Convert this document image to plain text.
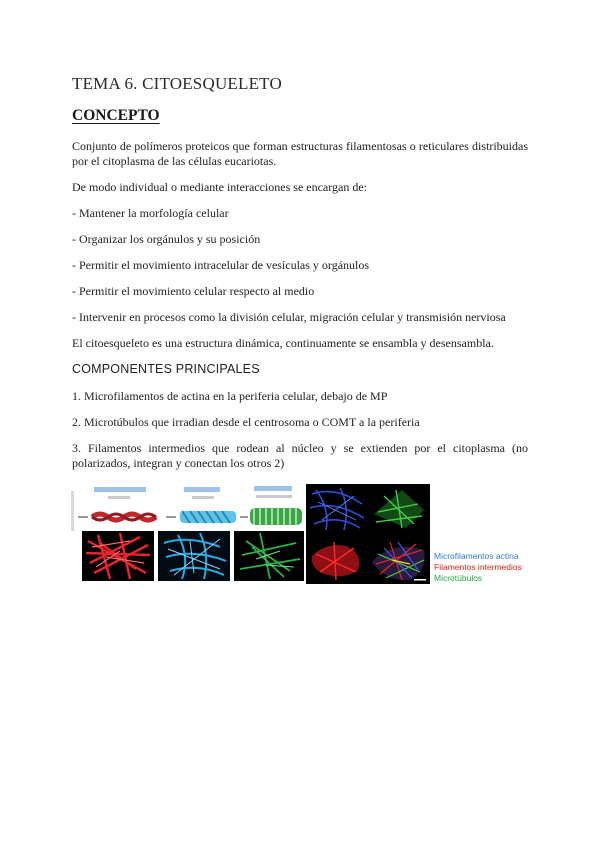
TEMA 6. CITOESQUELETO
CONCEPTO
Conjunto de polímeros proteicos que forman estructuras filamentosas o reticulares distribuidas por el citoplasma de las células eucariotas.
De modo individual o mediante interacciones se encargan de:
- Mantener la morfología celular
- Organizar los orgánulos y su posición
- Permitir el movimiento intracelular de vesículas y orgánulos
- Permitir el movimiento celular respecto al medio
- Intervenir en procesos como la división celular, migración celular y transmisión nerviosa
El citoesqueleto es una estructura dinámica, continuamente se ensambla y desensambla.
COMPONENTES PRINCIPALES
1. Microfilamentos de actina en la periferia celular, debajo de MP
2. Microtúbulos que irradian desde el centrosoma o COMT a la periferia
3. Filamentos intermedios que rodean al núcleo y se extienden por el citoplasma (no polarizados, integran y conectan los otros 2)
Microfilamentos actina
Filamentos intermedios
Microtúbulos
